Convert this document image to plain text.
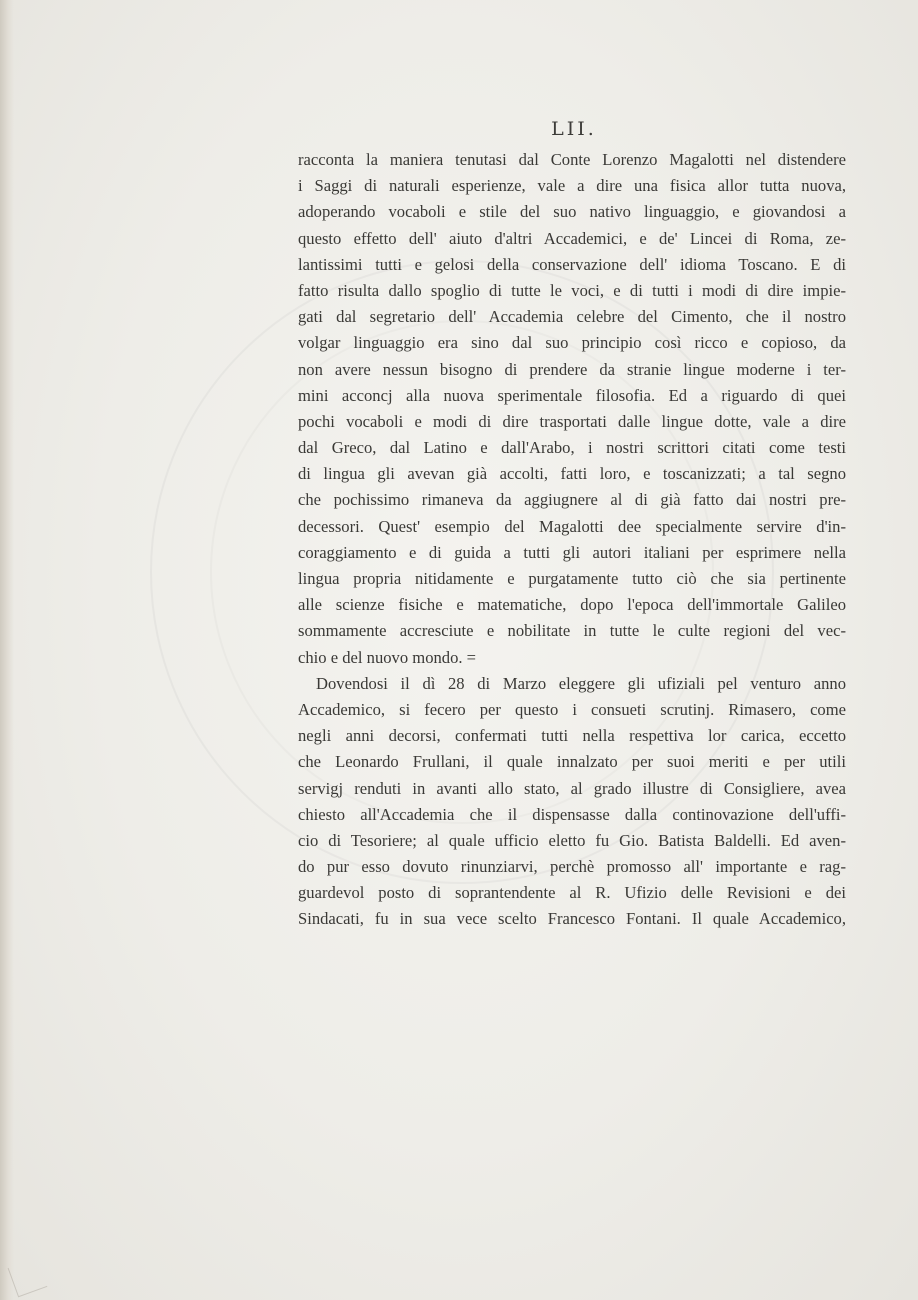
LII.
racconta la maniera tenutasi dal Conte Lorenzo Magalotti nel distendere
i Saggi di naturali esperienze, vale a dire una fisica allor tutta nuova,
adoperando vocaboli e stile del suo nativo linguaggio, e giovandosi a
questo effetto dell' aiuto d'altri Accademici, e de' Lincei di Roma, ze-
lantissimi tutti e gelosi della conservazione dell' idioma Toscano. E di
fatto risulta dallo spoglio di tutte le voci, e di tutti i modi di dire impie-
gati dal segretario dell' Accademia celebre del Cimento, che il nostro
volgar linguaggio era sino dal suo principio così ricco e copioso, da
non avere nessun bisogno di prendere da stranie lingue moderne i ter-
mini acconcj alla nuova sperimentale filosofia. Ed a riguardo di quei
pochi vocaboli e modi di dire trasportati dalle lingue dotte, vale a dire
dal Greco, dal Latino e dall'Arabo, i nostri scrittori citati come testi
di lingua gli avevan già accolti, fatti loro, e toscanizzati; a tal segno
che pochissimo rimaneva da aggiugnere al di già fatto dai nostri pre-
decessori. Quest' esempio del Magalotti dee specialmente servire d'in-
coraggiamento e di guida a tutti gli autori italiani per esprimere nella
lingua propria nitidamente e purgatamente tutto ciò che sia pertinente
alle scienze fisiche e matematiche, dopo l'epoca dell'immortale Galileo
sommamente accresciute e nobilitate in tutte le culte regioni del vec-
chio e del nuovo mondo. =
Dovendosi il dì 28 di Marzo eleggere gli ufiziali pel venturo anno
Accademico, si fecero per questo i consueti scrutinj. Rimasero, come
negli anni decorsi, confermati tutti nella respettiva lor carica, eccetto
che Leonardo Frullani, il quale innalzato per suoi meriti e per utili
servigj renduti in avanti allo stato, al grado illustre di Consigliere, avea
chiesto all'Accademia che il dispensasse dalla continovazione dell'uffi-
cio di Tesoriere; al quale ufficio eletto fu Gio. Batista Baldelli. Ed aven-
do pur esso dovuto rinunziarvi, perchè promosso all' importante e rag-
guardevol posto di soprantendente al R. Ufizio delle Revisioni e dei
Sindacati, fu in sua vece scelto Francesco Fontani. Il quale Accademico,
